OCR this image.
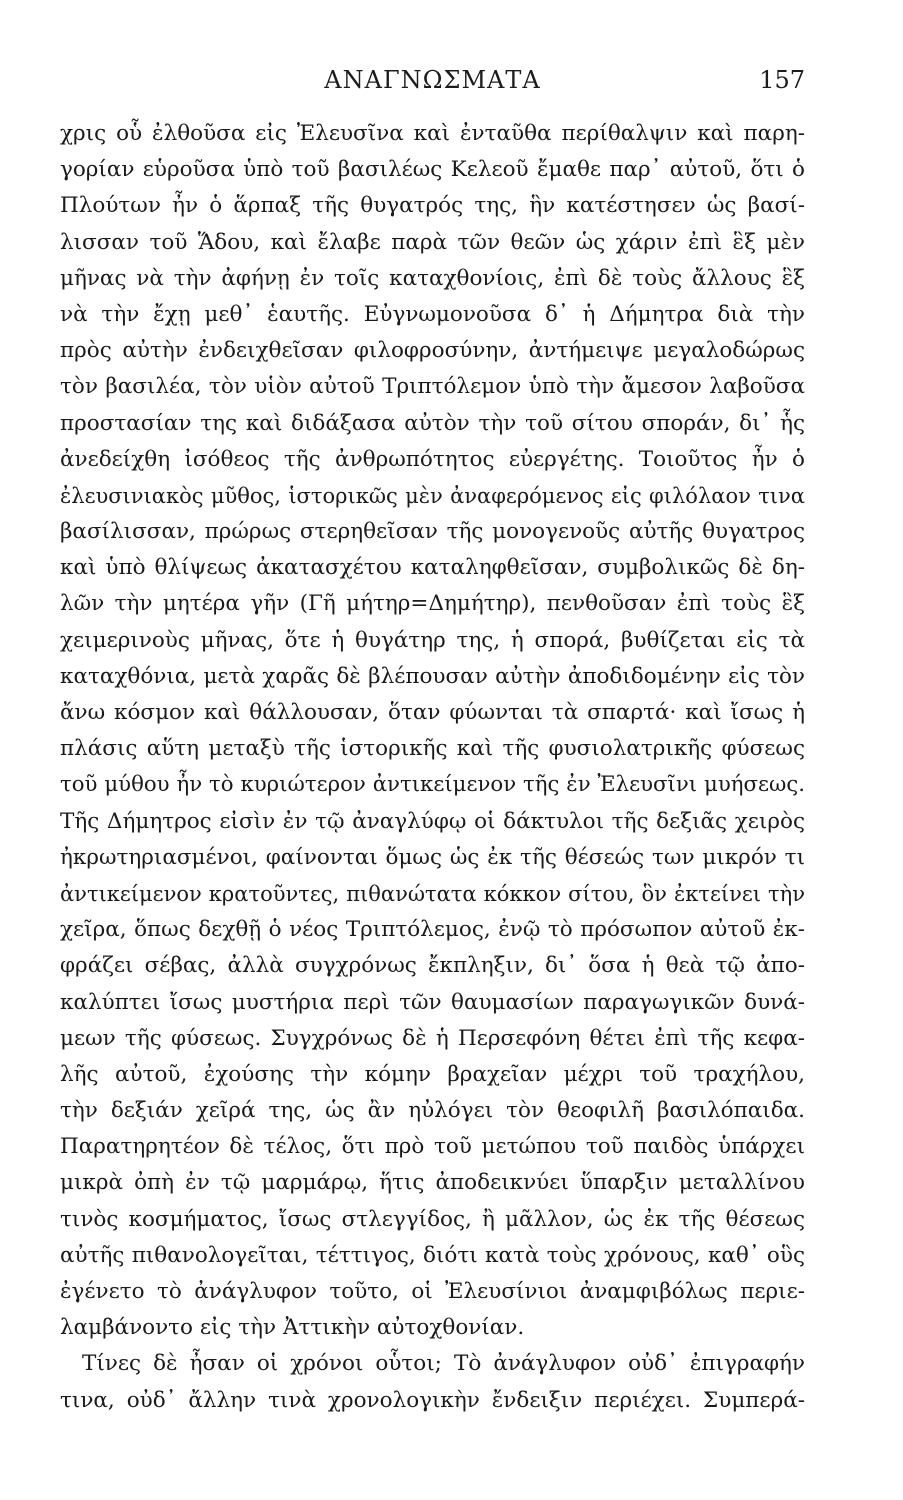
ΑΝΑΓΝΩΣΜΑΤΑ	157
χρις οὗ ἐλθοῦσα εἰς Ἐλευσῖνα καὶ ἐνταῦθα περίθαλψιν καὶ παρη-
γορίαν εὑροῦσα ὑπὸ τοῦ βασιλέως Κελεοῦ ἔμαθε παρ᾽ αὐτοῦ, ὅτι ὁ
Πλούτων ἦν ὁ ἅρπαξ τῆς θυγατρός της, ἣν κατέστησεν ὡς βασί-
λισσαν τοῦ Ἅδου, καὶ ἔλαβε παρὰ τῶν θεῶν ὡς χάριν ἐπὶ ἓξ μὲν
μῆνας νὰ τὴν ἀφήνῃ ἐν τοῖς καταχθονίοις, ἐπὶ δὲ τοὺς ἄλλους ἓξ
νὰ τὴν ἔχῃ μεθ᾽ ἑαυτῆς. Εὐγνωμονοῦσα δ᾽ ἡ Δήμητρα διὰ τὴν
πρὸς αὐτὴν ἐνδειχθεῖσαν φιλοφροσύνην, ἀντήμειψε μεγαλοδώρως
τὸν βασιλέα, τὸν υἱὸν αὐτοῦ Τριπτόλεμον ὑπὸ τὴν ἄμεσον λαβοῦσα
προστασίαν της καὶ διδάξασα αὐτὸν τὴν τοῦ σίτου σποράν, δι᾽ ἧς
ἀνεδείχθη ἰσόθεος τῆς ἀνθρωπότητος εὐεργέτης. Τοιοῦτος ἦν ὁ
ἐλευσινιακὸς μῦθος, ἱστορικῶς μὲν ἀναφερόμενος εἰς φιλόλαον τινα
βασίλισσαν, πρώρως στερηθεῖσαν τῆς μονογενοῦς αὐτῆς θυγατρος
καὶ ὑπὸ θλίψεως ἀκατασχέτου καταληφθεῖσαν, συμβολικῶς δὲ δη-
λῶν τὴν μητέρα γῆν (Γῆ μήτηρ=Δημήτηρ), πενθοῦσαν ἐπὶ τοὺς ἓξ
χειμερινοὺς μῆνας, ὅτε ἡ θυγάτηρ της, ἡ σπορά, βυθίζεται εἰς τὰ
καταχθόνια, μετὰ χαρᾶς δὲ βλέπουσαν αὐτὴν ἀποδιδομένην εἰς τὸν
ἄνω κόσμον καὶ θάλλουσαν, ὅταν φύωνται τὰ σπαρτά· καὶ ἴσως ἡ
πλάσις αὕτη μεταξὺ τῆς ἱστορικῆς καὶ τῆς φυσιολατρικῆς φύσεως
τοῦ μύθου ἦν τὸ κυριώτερον ἀντικείμενον τῆς ἐν Ἐλευσῖνι μυήσεως.
Τῆς Δήμητρος εἰσὶν ἐν τῷ ἀναγλύφῳ οἱ δάκτυλοι τῆς δεξιᾶς χειρὸς
ἠκρωτηριασμένοι, φαίνονται ὅμως ὡς ἐκ τῆς θέσεώς των μικρόν τι
ἀντικείμενον κρατοῦντες, πιθανώτατα κόκκον σίτου, ὃν ἐκτείνει τὴν
χεῖρα, ὅπως δεχθῇ ὁ νέος Τριπτόλεμος, ἐνῷ τὸ πρόσωπον αὐτοῦ ἐκ-
φράζει σέβας, ἀλλὰ συγχρόνως ἔκπληξιν, δι᾽ ὅσα ἡ θεὰ τῷ ἀπο-
καλύπτει ἴσως μυστήρια περὶ τῶν θαυμασίων παραγωγικῶν δυνά-
μεων τῆς φύσεως. Συγχρόνως δὲ ἡ Περσεφόνη θέτει ἐπὶ τῆς κεφα-
λῆς αὐτοῦ, ἐχούσης τὴν κόμην βραχεῖαν μέχρι τοῦ τραχήλου,
τὴν δεξιάν χεῖρά της, ὡς ἂν ηὐλόγει τὸν θεοφιλῆ βασιλόπαιδα.
Παρατηρητέον δὲ τέλος, ὅτι πρὸ τοῦ μετώπου τοῦ παιδὸς ὑπάρχει
μικρὰ ὀπὴ ἐν τῷ μαρμάρῳ, ἥτις ἀποδεικνύει ὕπαρξιν μεταλλίνου
τινὸς κοσμήματος, ἴσως στλεγγίδος, ἢ μᾶλλον, ὡς ἐκ τῆς θέσεως
αὐτῆς πιθανολογεῖται, τέττιγος, διότι κατὰ τοὺς χρόνους, καθ᾽ οὓς
ἐγένετο τὸ ἀνάγλυφον τοῦτο, οἱ Ἐλευσίνιοι ἀναμφιβόλως περιε-
λαμβάνοντο εἰς τὴν Ἀττικὴν αὐτοχθονίαν.
Τίνες δὲ ἦσαν οἱ χρόνοι οὗτοι; Τὸ ἀνάγλυφον οὐδ᾽ ἐπιγραφήν
τινα, οὐδ᾽ ἄλλην τινὰ χρονολογικὴν ἔνδειξιν περιέχει. Συμπερά-
